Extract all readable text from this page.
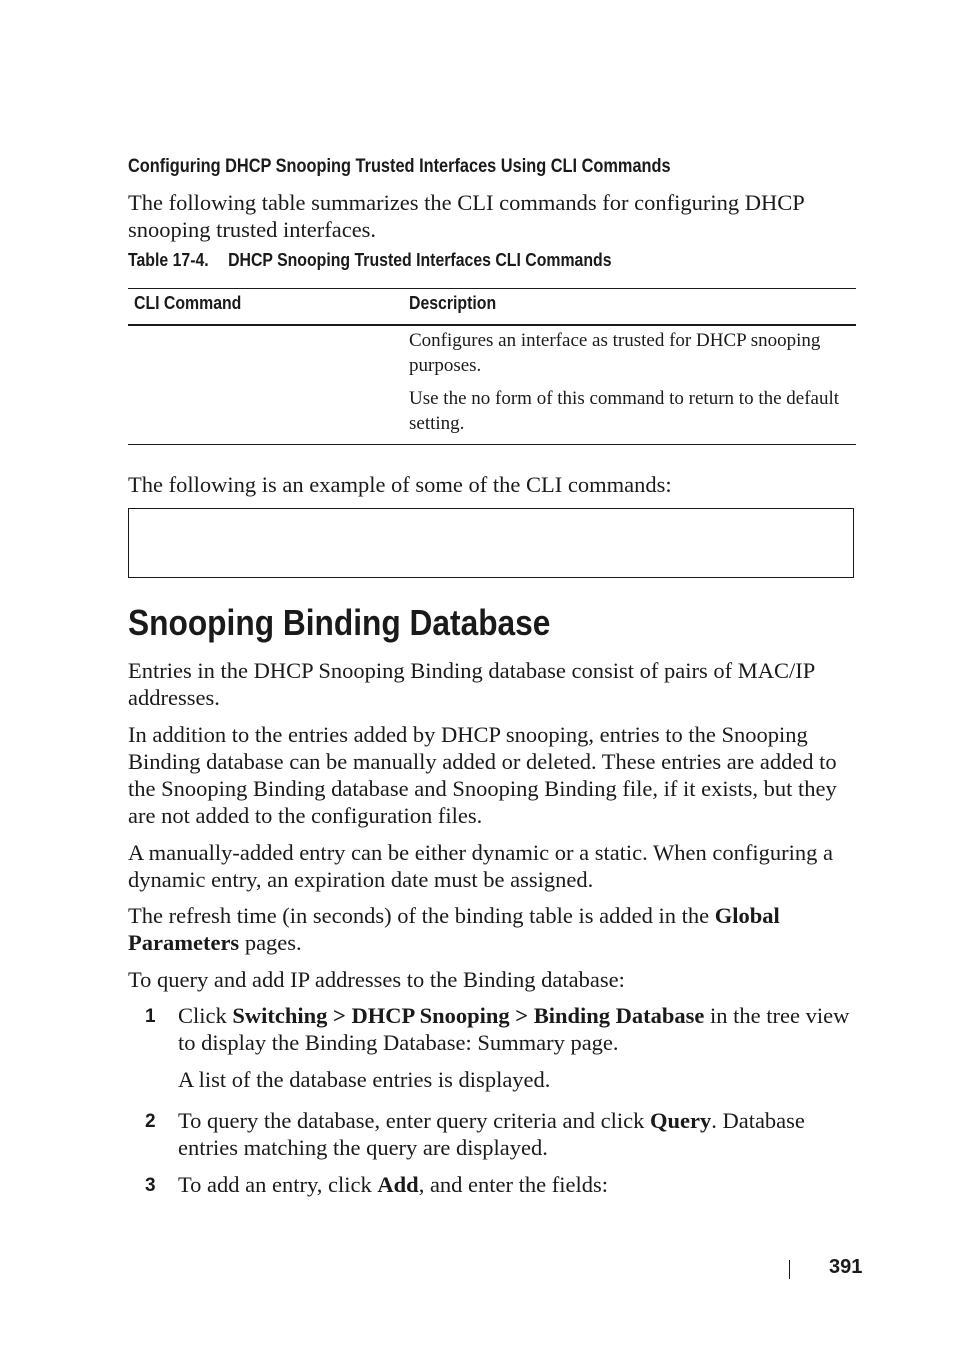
Configuring DHCP Snooping Trusted Interfaces Using CLI Commands
The following table summarizes the CLI commands for configuring DHCP snooping trusted interfaces.
Table 17-4. DHCP Snooping Trusted Interfaces CLI Commands
CLI Command	Description
Configures an interface as trusted for DHCP snooping purposes.
Use the no form of this command to return to the default setting.
The following is an example of some of the CLI commands:
Snooping Binding Database
Entries in the DHCP Snooping Binding database consist of pairs of MAC/IP addresses.
In addition to the entries added by DHCP snooping, entries to the Snooping Binding database can be manually added or deleted. These entries are added to the Snooping Binding database and Snooping Binding file, if it exists, but they are not added to the configuration files.
A manually-added entry can be either dynamic or a static. When configuring a dynamic entry, an expiration date must be assigned.
The refresh time (in seconds) of the binding table is added in the Global Parameters pages.
To query and add IP addresses to the Binding database:
1 Click Switching > DHCP Snooping > Binding Database in the tree view to display the Binding Database: Summary page.
A list of the database entries is displayed.
2 To query the database, enter query criteria and click Query. Database entries matching the query are displayed.
3 To add an entry, click Add, and enter the fields:
391
